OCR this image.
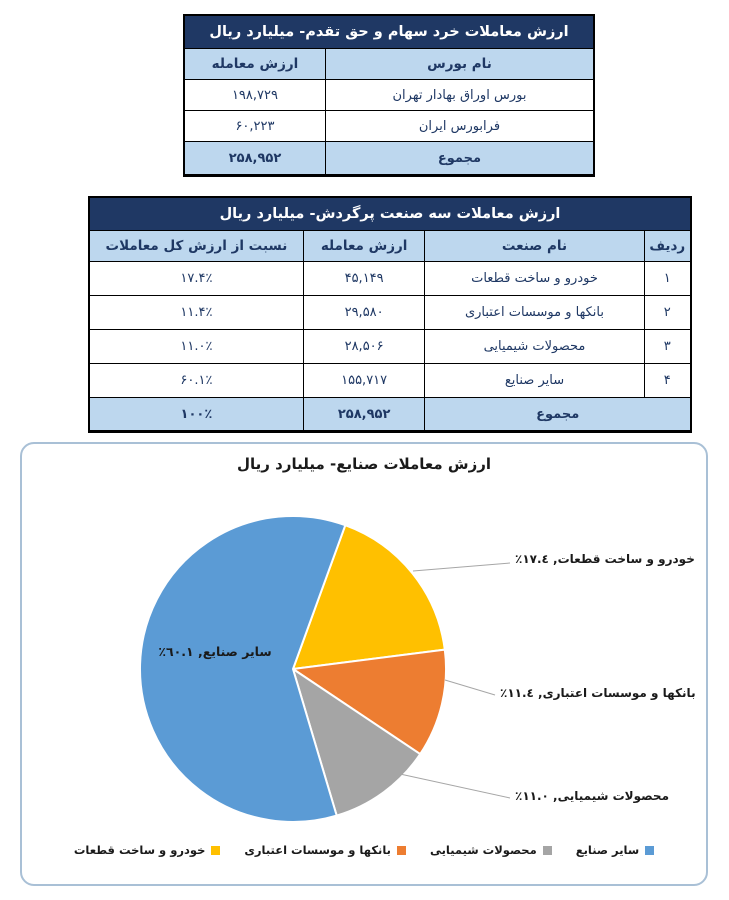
ارزش معاملات خرد سهام و حق تقدم- میلیارد ریال	
نام بورس	ارزش معامله
بورس اوراق بهادار تهران	۱۹۸,۷۲۹
فرابورس ایران	۶۰,۲۲۳
مجموع	۲۵۸,۹۵۲
ارزش معاملات سه صنعت پرگردش- میلیارد ریال			
ردیف	نام صنعت	ارزش معامله	نسبت از ارزش کل معاملات
۱	خودرو و ساخت قطعات	۴۵,۱۴۹	۱۷.۴٪
۲	بانکها و موسسات اعتباری	۲۹,۵۸۰	۱۱.۴٪
۳	محصولات شیمیایی	۲۸,۵۰۶	۱۱.۰٪
۴	سایر صنایع	۱۵۵,۷۱۷	۶۰.۱٪
مجموع		۲۵۸,۹۵۲	۱۰۰٪
ارزش معاملات صنایع- میلیارد ریال
خودرو و ساخت قطعات, ٪١٧.٤
بانکها و موسسات اعتباری, ٪١١.٤
محصولات شیمیایی, ٪١١.٠
سایر صنایع, ٪٦٠.١
سایر صنایع
محصولات شیمیایی
بانکها و موسسات اعتباری
خودرو و ساخت قطعات
